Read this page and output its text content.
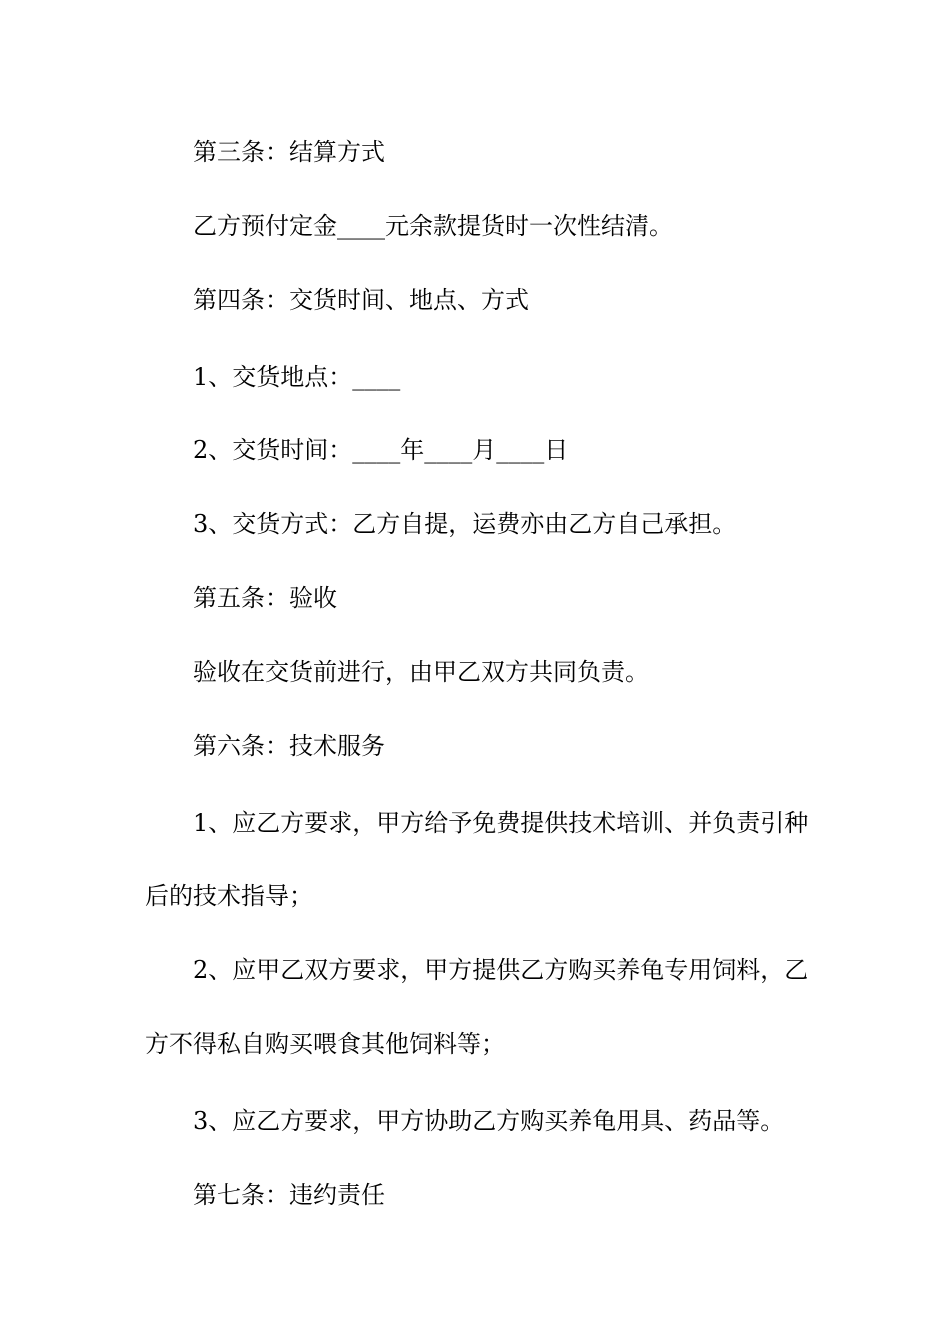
第三条：结算方式
乙方预付定金____元余款提货时一次性结清。
第四条：交货时间、地点、方式
1、交货地点：____
2、交货时间：____年____月____日
3、交货方式：乙方自提，运费亦由乙方自己承担。
第五条：验收
验收在交货前进行，由甲乙双方共同负责。
第六条：技术服务
1、应乙方要求，甲方给予免费提供技术培训、并负责引种
后的技术指导；
2、应甲乙双方要求，甲方提供乙方购买养龟专用饲料，乙
方不得私自购买喂食其他饲料等；
3、应乙方要求，甲方协助乙方购买养龟用具、药品等。
第七条：违约责任
